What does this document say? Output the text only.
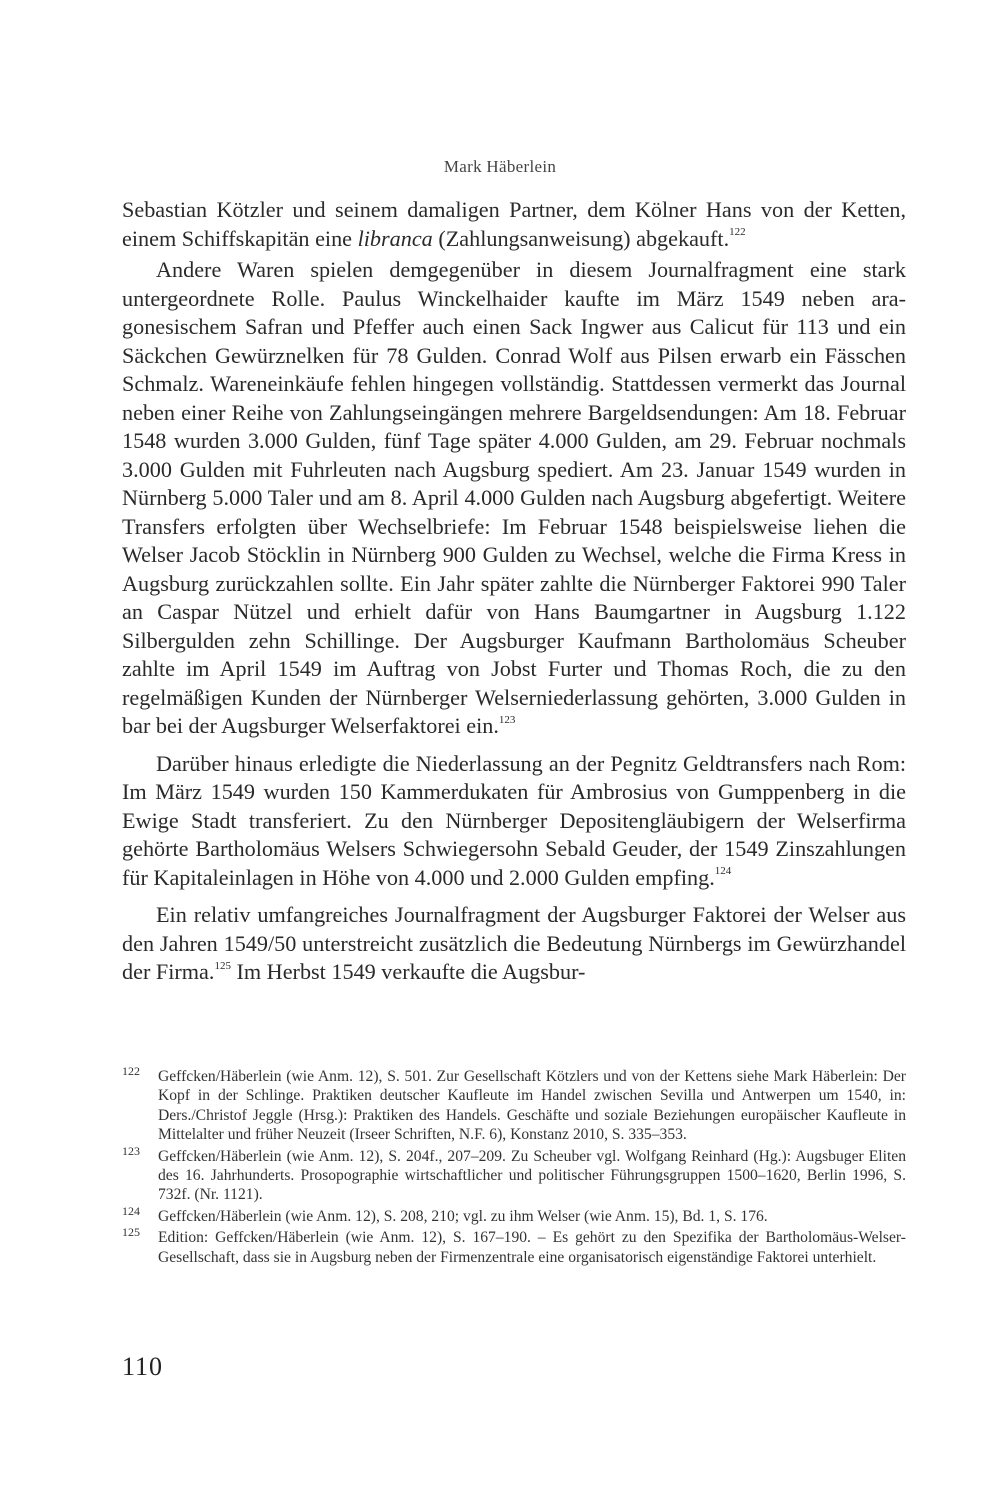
Mark Häberlein

Sebastian Kötzler und seinem damaligen Partner, dem Kölner Hans von der Ketten, einem Schiffskapitän eine libranca (Zahlungsanweisung) abgekauft.$^{122}$

Andere Waren spielen demgegenüber in diesem Journalfragment eine stark untergeordnete Rolle. Paulus Winckelhaider kaufte im März 1549 neben aragonesischem Safran und Pfeffer auch einen Sack Ingwer aus Calicut für 113 und ein Säckchen Gewürznelken für 78 Gulden. Conrad Wolf aus Pilsen erwarb ein Fässchen Schmalz. Wareneinkäufe fehlen hingegen vollständig. Stattdessen vermerkt das Journal neben einer Reihe von Zahlungseingängen mehrere Bargeldsendungen: Am 18. Februar 1548 wurden 3.000 Gulden, fünf Tage später 4.000 Gulden, am 29. Februar nochmals 3.000 Gulden mit Fuhrleuten nach Augsburg spediert. Am 23. Januar 1549 wurden in Nürnberg 5.000 Taler und am 8. April 4.000 Gulden nach Augsburg abgefertigt. Weitere Transfers erfolgten über Wechselbriefe: Im Februar 1548 beispielsweise liehen die Welser Jacob Stöcklin in Nürnberg 900 Gulden zu Wechsel, welche die Firma Kress in Augsburg zurückzahlen sollte. Ein Jahr später zahlte die Nürnberger Faktorei 990 Taler an Caspar Nützel und erhielt dafür von Hans Baumgartner in Augsburg 1.122 Silbergulden zehn Schillinge. Der Augsburger Kaufmann Bartholomäus Scheuber zahlte im April 1549 im Auftrag von Jobst Furter und Thomas Roch, die zu den regelmäßigen Kunden der Nürnberger Welserniederlassung gehörten, 3.000 Gulden in bar bei der Augsburger Welserfaktorei ein.$^{123}$

Darüber hinaus erledigte die Niederlassung an der Pegnitz Geldtransfers nach Rom: Im März 1549 wurden 150 Kammerdukaten für Ambrosius von Gumppenberg in die Ewige Stadt transferiert. Zu den Nürnberger Depositengläubigern der Welserfirma gehörte Bartholomäus Welsers Schwiegersohn Sebald Geuder, der 1549 Zinszahlungen für Kapitaleinlagen in Höhe von 4.000 und 2.000 Gulden empfing.$^{124}$

Ein relativ umfangreiches Journalfragment der Augsburger Faktorei der Welser aus den Jahren 1549/50 unterstreicht zusätzlich die Bedeutung Nürnbergs im Gewürzhandel der Firma.$^{125}$ Im Herbst 1549 verkaufte die Augsbur-

122 Geffcken/Häberlein (wie Anm. 12), S. 501. Zur Gesellschaft Kötzlers und von der Kettens siehe Mark Häberlein: Der Kopf in der Schlinge. Praktiken deutscher Kaufleute im Handel zwischen Sevilla und Antwerpen um 1540, in: Ders./Christof Jeggle (Hrsg.): Praktiken des Handels. Geschäfte und soziale Beziehungen europäischer Kaufleute in Mittelalter und früher Neuzeit (Irseer Schriften, N.F. 6), Konstanz 2010, S. 335–353.
123 Geffcken/Häberlein (wie Anm. 12), S. 204f., 207–209. Zu Scheuber vgl. Wolfgang Reinhard (Hg.): Augsbuger Eliten des 16. Jahrhunderts. Prosopographie wirtschaftlicher und politischer Führungsgruppen 1500–1620, Berlin 1996, S. 732f. (Nr. 1121).
124 Geffcken/Häberlein (wie Anm. 12), S. 208, 210; vgl. zu ihm Welser (wie Anm. 15), Bd. 1, S. 176.
125 Edition: Geffcken/Häberlein (wie Anm. 12), S. 167–190. – Es gehört zu den Spezifika der Bartholomäus-Welser-Gesellschaft, dass sie in Augsburg neben der Firmenzentrale eine organisatorisch eigenständige Faktorei unterhielt.
110
